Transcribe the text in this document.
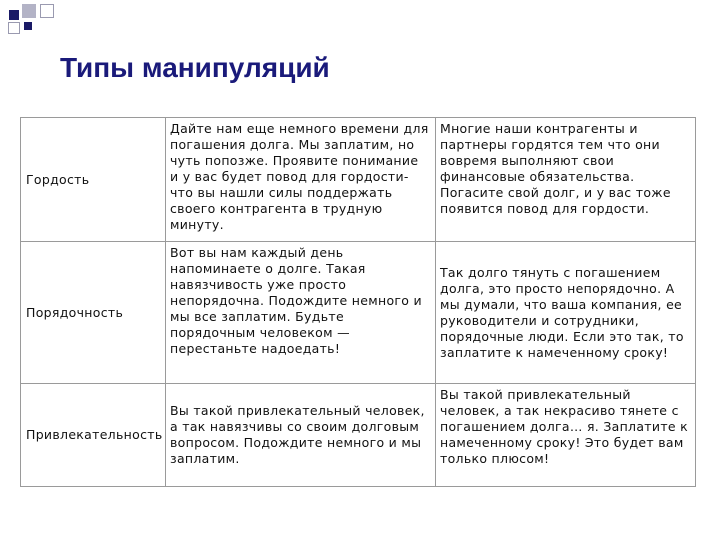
Типы манипуляций
Гордость	Дайте нам еще немного времени для погашения долга. Мы заплатим, но чуть попозже. Проявите понимание и у вас будет повод для гордости- что вы нашли силы поддержать своего контрагента в трудную минуту.	Многие наши контрагенты и партнеры гордятся тем что они вовремя выполняют свои финансовые обязательства. Погасите свой долг, и у вас тоже появится повод для гордости.
Порядочность	Вот вы нам каждый день напоминаете о долге. Такая навязчивость уже просто непорядочна. Подождите немного и мы все заплатим. Будьте порядочным человеком — перестаньте надоедать!	Так долго тянуть с погашением долга, это просто непорядочно. А мы думали, что ваша компания, ее руководители и сотрудники, порядочные люди. Если это так, то заплатите к намеченному сроку!
Привлекательность	Вы такой привлекательный человек, а так навязчивы со своим долговым вопросом. Подождите немного и мы заплатим.	Вы такой привлекательный человек, а так некрасиво тянете с погашением долга… я. Заплатите к намеченному сроку! Это будет вам только плюсом!
